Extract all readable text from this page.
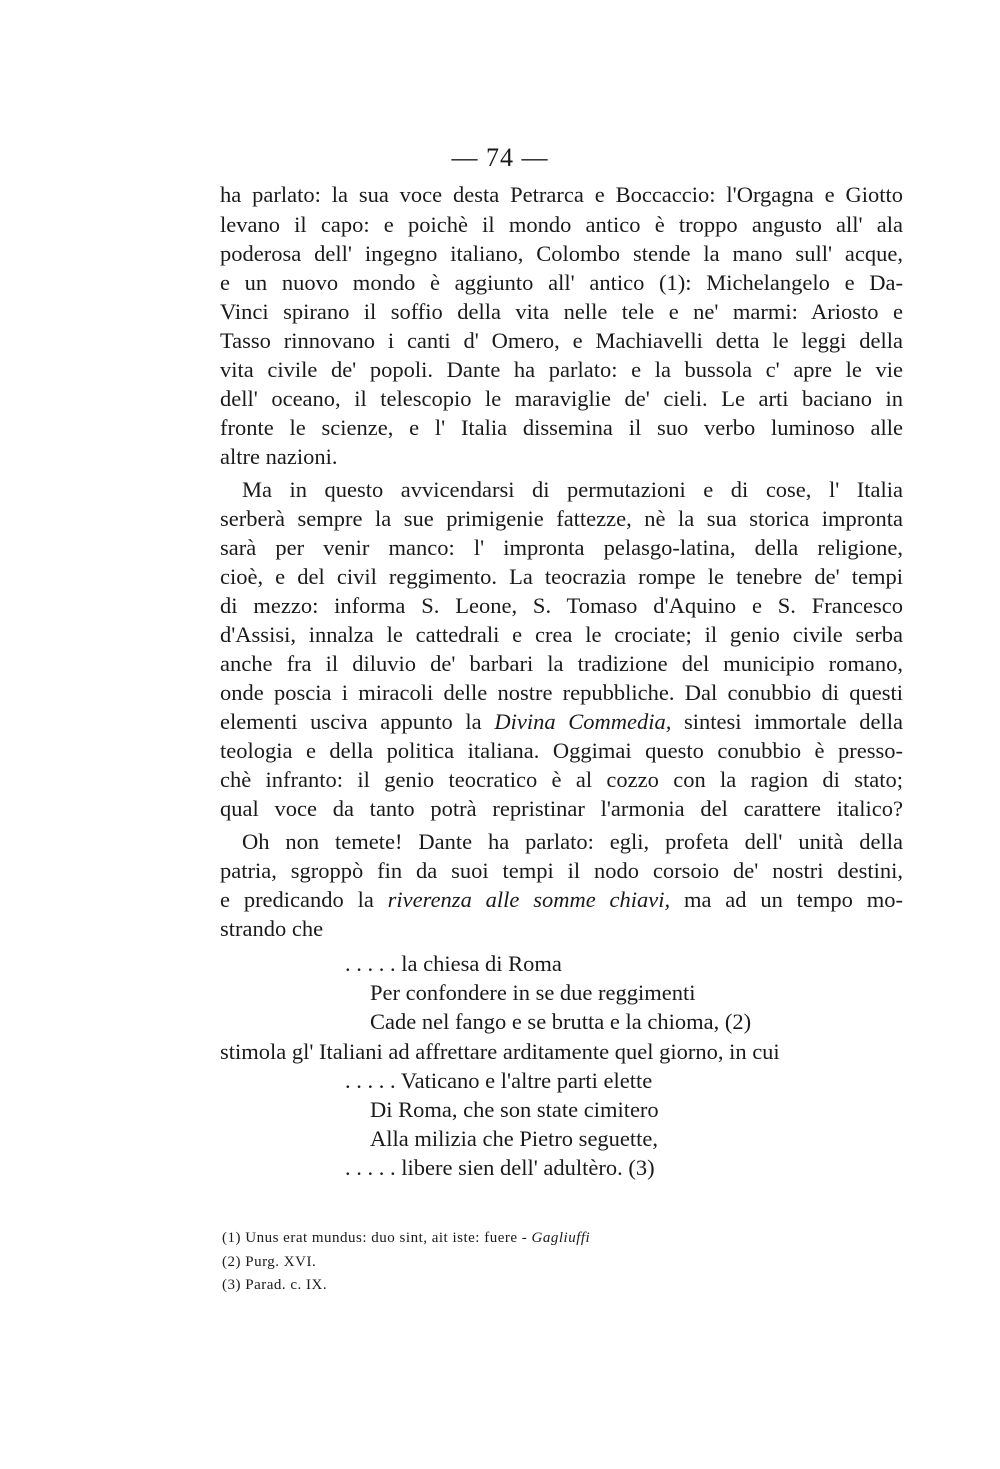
— 74 —
ha parlato: la sua voce desta Petrarca e Boccaccio: l'Orgagna e Giotto
levano il capo: e poichè il mondo antico è troppo angusto all' ala
poderosa dell' ingegno italiano, Colombo stende la mano sull' acque,
e un nuovo mondo è aggiunto all' antico (1): Michelangelo e Da-
Vinci spirano il soffio della vita nelle tele e ne' marmi: Ariosto e
Tasso rinnovano i canti d' Omero, e Machiavelli detta le leggi della
vita civile de' popoli. Dante ha parlato: e la bussola c' apre le vie
dell' oceano, il telescopio le maraviglie de' cieli. Le arti baciano in
fronte le scienze, e l' Italia dissemina il suo verbo luminoso alle
altre nazioni.
Ma in questo avvicendarsi di permutazioni e di cose, l' Italia
serberà sempre la sue primigenie fattezze, nè la sua storica impronta
sarà per venir manco: l' impronta pelasgo-latina, della religione,
cioè, e del civil reggimento. La teocrazia rompe le tenebre de' tempi
di mezzo: informa S. Leone, S. Tomaso d'Aquino e S. Francesco
d'Assisi, innalza le cattedrali e crea le crociate; il genio civile serba
anche fra il diluvio de' barbari la tradizione del municipio romano,
onde poscia i miracoli delle nostre repubbliche. Dal conubbio di questi
elementi usciva appunto la Divina Commedia, sintesi immortale della
teologia e della politica italiana. Oggimai questo conubbio è presso-
chè infranto: il genio teocratico è al cozzo con la ragion di stato;
qual voce da tanto potrà repristinar l'armonia del carattere italico?
Oh non temete! Dante ha parlato: egli, profeta dell' unità della
patria, sgroppò fin da suoi tempi il nodo corsoio de' nostri destini,
e predicando la riverenza alle somme chiavi, ma ad un tempo mo-
strando che
. . . . . la chiesa di Roma
Per confondere in se due reggimenti
Cade nel fango e se brutta e la chioma, (2)
stimola gl' Italiani ad affrettare arditamente quel giorno, in cui
. . . . . Vaticano e l'altre parti elette
Di Roma, che son state cimitero
Alla milizia che Pietro seguette,
. . . . . libere sien dell' adultèro. (3)
(1) Unus erat mundus: duo sint, ait iste: fuere - Gagliuffi
(2) Purg. XVI.
(3) Parad. c. IX.
